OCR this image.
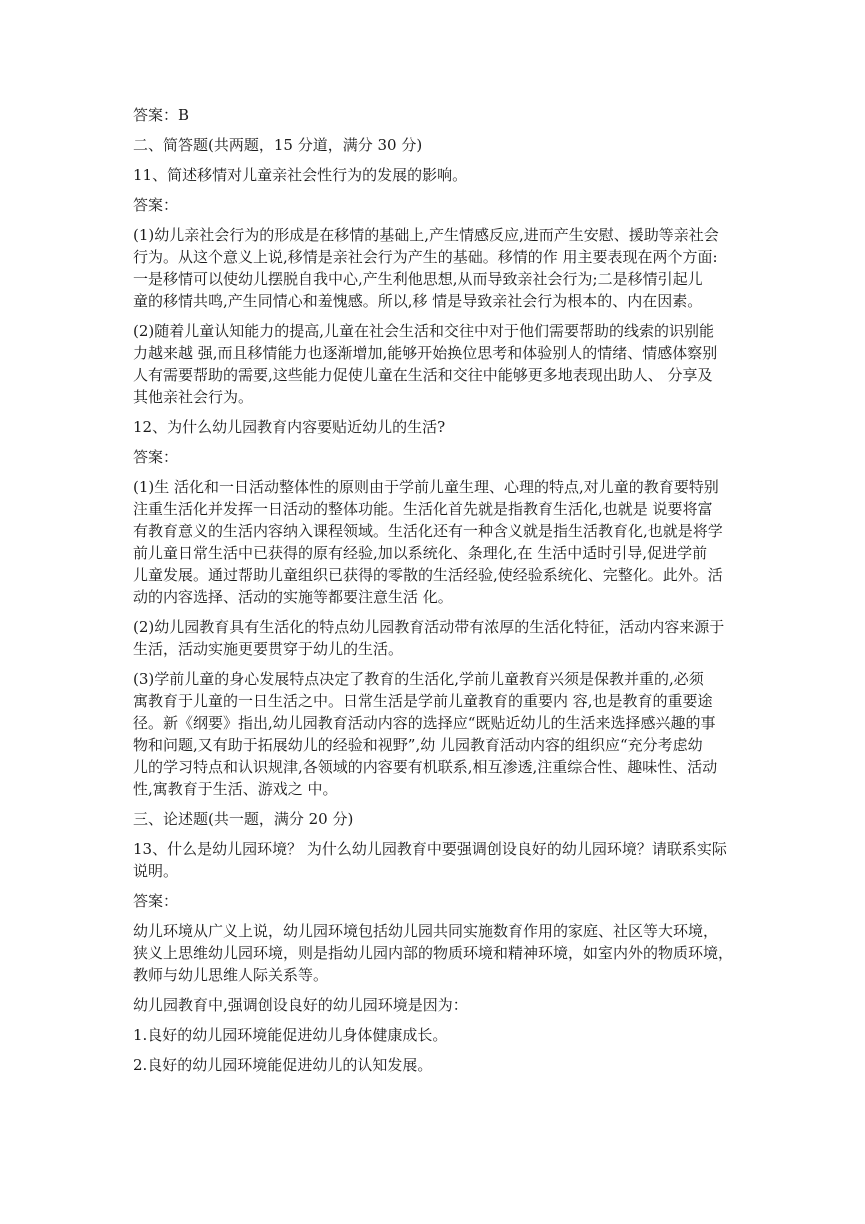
答案：B
二、简答题(共两题，15 分道，满分 30 分)
11、简述移情对儿童亲社会性行为的发展的影响。
答案：
(1)幼儿亲社会行为的形成是在移情的基础上,产生情感反应,进而产生安慰、援助等亲社会
行为。从这个意义上说,移情是亲社会行为产生的基础。移情的作 用主要表现在两个方面:
一是移情可以使幼儿摆脱自我中心,产生利他思想,从而导致亲社会行为;二是移情引起儿
童的移情共鸣,产生同情心和羞愧感。所以,移 情是导致亲社会行为根本的、内在因素。
(2)随着儿童认知能力的提高,儿童在社会生活和交往中对于他们需要帮助的线索的识别能
力越来越 强,而且移情能力也逐渐增加,能够开始换位思考和体验别人的情绪、情感体察别
人有需要帮助的需要,这些能力促使儿童在生活和交往中能够更多地表现出助人、 分享及
其他亲社会行为。
12、为什么幼儿园教育内容要贴近幼儿的生活?
答案：
(1)生 活化和一日活动整体性的原则由于学前儿童生理、心理的特点,对儿童的教育要特别
注重生活化并发挥一日活动的整体功能。生活化首先就是指教育生活化,也就是 说要将富
有教育意义的生活内容纳入课程领域。生活化还有一种含义就是指生活教育化,也就是将学
前儿童日常生活中已获得的原有经验,加以系统化、条理化,在 生活中适时引导,促进学前
儿童发展。通过帮助儿童组织已获得的零散的生活经验,使经验系统化、完整化。此外。活
动的内容选择、活动的实施等都要注意生活 化。
(2)幼儿园教育具有生活化的特点幼儿园教育活动带有浓厚的生活化特征，活动内容来源于
生活，活动实施更要贯穿于幼儿的生活。
(3)学前儿童的身心发展特点决定了教育的生活化,学前儿童教育兴须是保教并重的,必须
寓教育于儿童的一日生活之中。日常生活是学前儿童教育的重要内 容,也是教育的重要途
径。新《纲要》指出,幼儿园教育活动内容的选择应“既贴近幼儿的生活来选择感兴趣的事
物和问题,又有助于拓展幼儿的经验和视野”,幼 儿园教育活动内容的组织应“充分考虑幼
儿的学习特点和认识规津,各领域的内容要有机联系,相互渗透,注重综合性、趣味性、活动
性,寓教育于生活、游戏之 中。
三、论述题(共一题，满分 20 分)
13、什么是幼儿园环境？ 为什么幼儿园教育中要强调创设良好的幼儿园环境？请联系实际
说明。
答案：
幼儿环境从广义上说，幼儿园环境包括幼儿园共同实施数育作用的家庭、社区等大环境，
狭义上思维幼儿园环境，则是指幼儿园内部的物质环境和精神环境，如室内外的物质环境，
教师与幼儿思维人际关系等。
幼儿园教育中,强调创设良好的幼儿园环境是因为：
1.良好的幼儿园环境能促进幼儿身体健康成长。
2.良好的幼儿园环境能促进幼儿的认知发展。
